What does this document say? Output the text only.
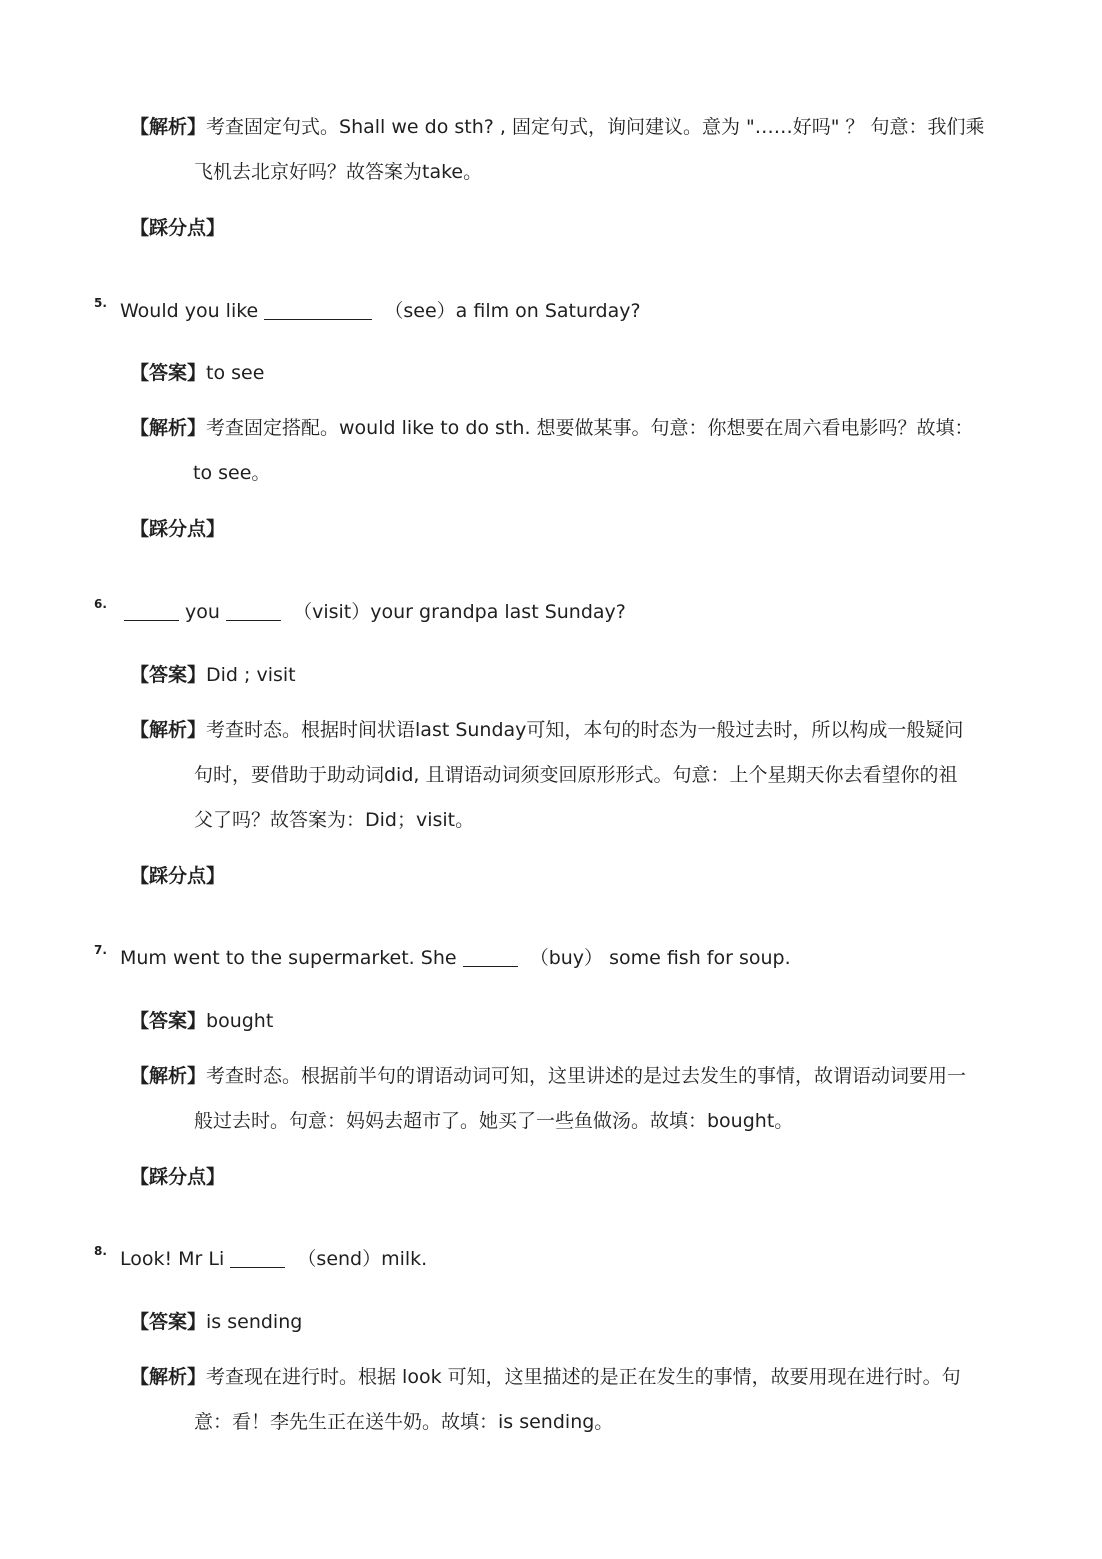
【解析】考查固定句式。Shall we do sth? , 固定句式，询问建议。意为 "……好吗" ？ 句意：我们乘
飞机去北京好吗？故答案为take。
【踩分点】
5. Would you like	（see）a film on Saturday?
【答案】to see
【解析】考查固定搭配。would like to do sth. 想要做某事。句意：你想要在周六看电影吗？故填：
to see。
【踩分点】
6.	you	（visit）your grandpa last Sunday?
【答案】Did ; visit
【解析】考查时态。根据时间状语last Sunday可知，本句的时态为一般过去时，所以构成一般疑问
句时，要借助于助动词did, 且谓语动词须变回原形形式。句意：上个星期天你去看望你的祖
父了吗？故答案为：Did；visit。
【踩分点】
7. Mum went to the supermarket. She	（buy） some fish for soup.
【答案】bought
【解析】考查时态。根据前半句的谓语动词可知，这里讲述的是过去发生的事情，故谓语动词要用一
般过去时。句意：妈妈去超市了。她买了一些鱼做汤。故填：bought。
【踩分点】
8. Look! Mr Li	（send）milk.
【答案】is sending
【解析】考查现在进行时。根据 look 可知，这里描述的是正在发生的事情，故要用现在进行时。句
意：看！李先生正在送牛奶。故填：is sending。
